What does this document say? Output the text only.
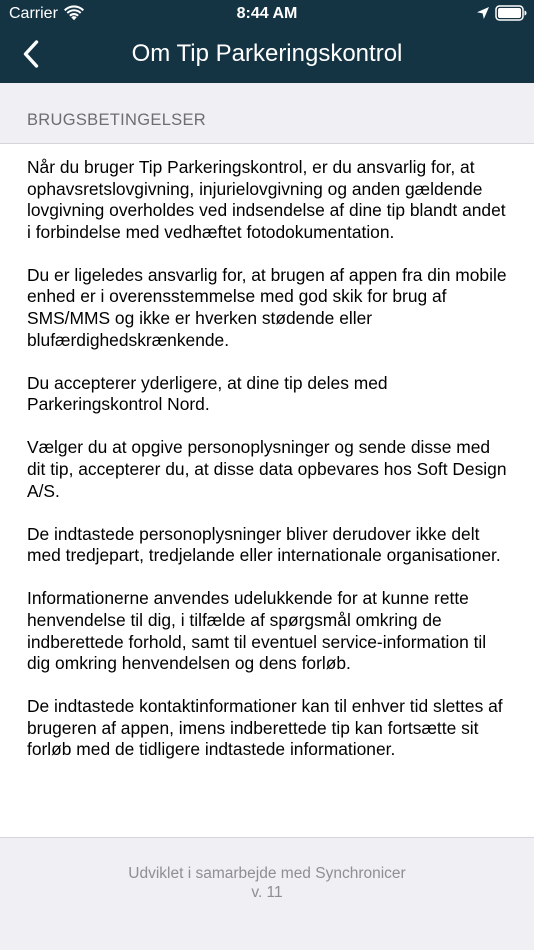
Carrier	8:44 AM
Om Tip Parkeringskontrol
BRUGSBETINGELSER

Når du bruger Tip Parkeringskontrol, er du ansvarlig for, at ophavsretslovgivning, injurielovgivning og anden gældende lovgivning overholdes ved indsendelse af dine tip blandt andet i forbindelse med vedhæftet fotodokumentation.

Du er ligeledes ansvarlig for, at brugen af appen fra din mobile enhed er i overensstemmelse med god skik for brug af SMS/MMS og ikke er hverken stødende eller blufærdighedskrænkende.

Du accepterer yderligere, at dine tip deles med Parkeringskontrol Nord.

Vælger du at opgive personoplysninger og sende disse med dit tip, accepterer du, at disse data opbevares hos Soft Design A/S.

De indtastede personoplysninger bliver derudover ikke delt med tredjepart, tredjelande eller internationale organisationer.

Informationerne anvendes udelukkende for at kunne rette henvendelse til dig, i tilfælde af spørgsmål omkring de indberettede forhold, samt til eventuel service-information til dig omkring henvendelsen og dens forløb.

De indtastede kontaktinformationer kan til enhver tid slettes af brugeren af appen, imens indberettede tip kan fortsætte sit forløb med de tidligere indtastede informationer.

Udviklet i samarbejde med Synchronicer
v. 11
